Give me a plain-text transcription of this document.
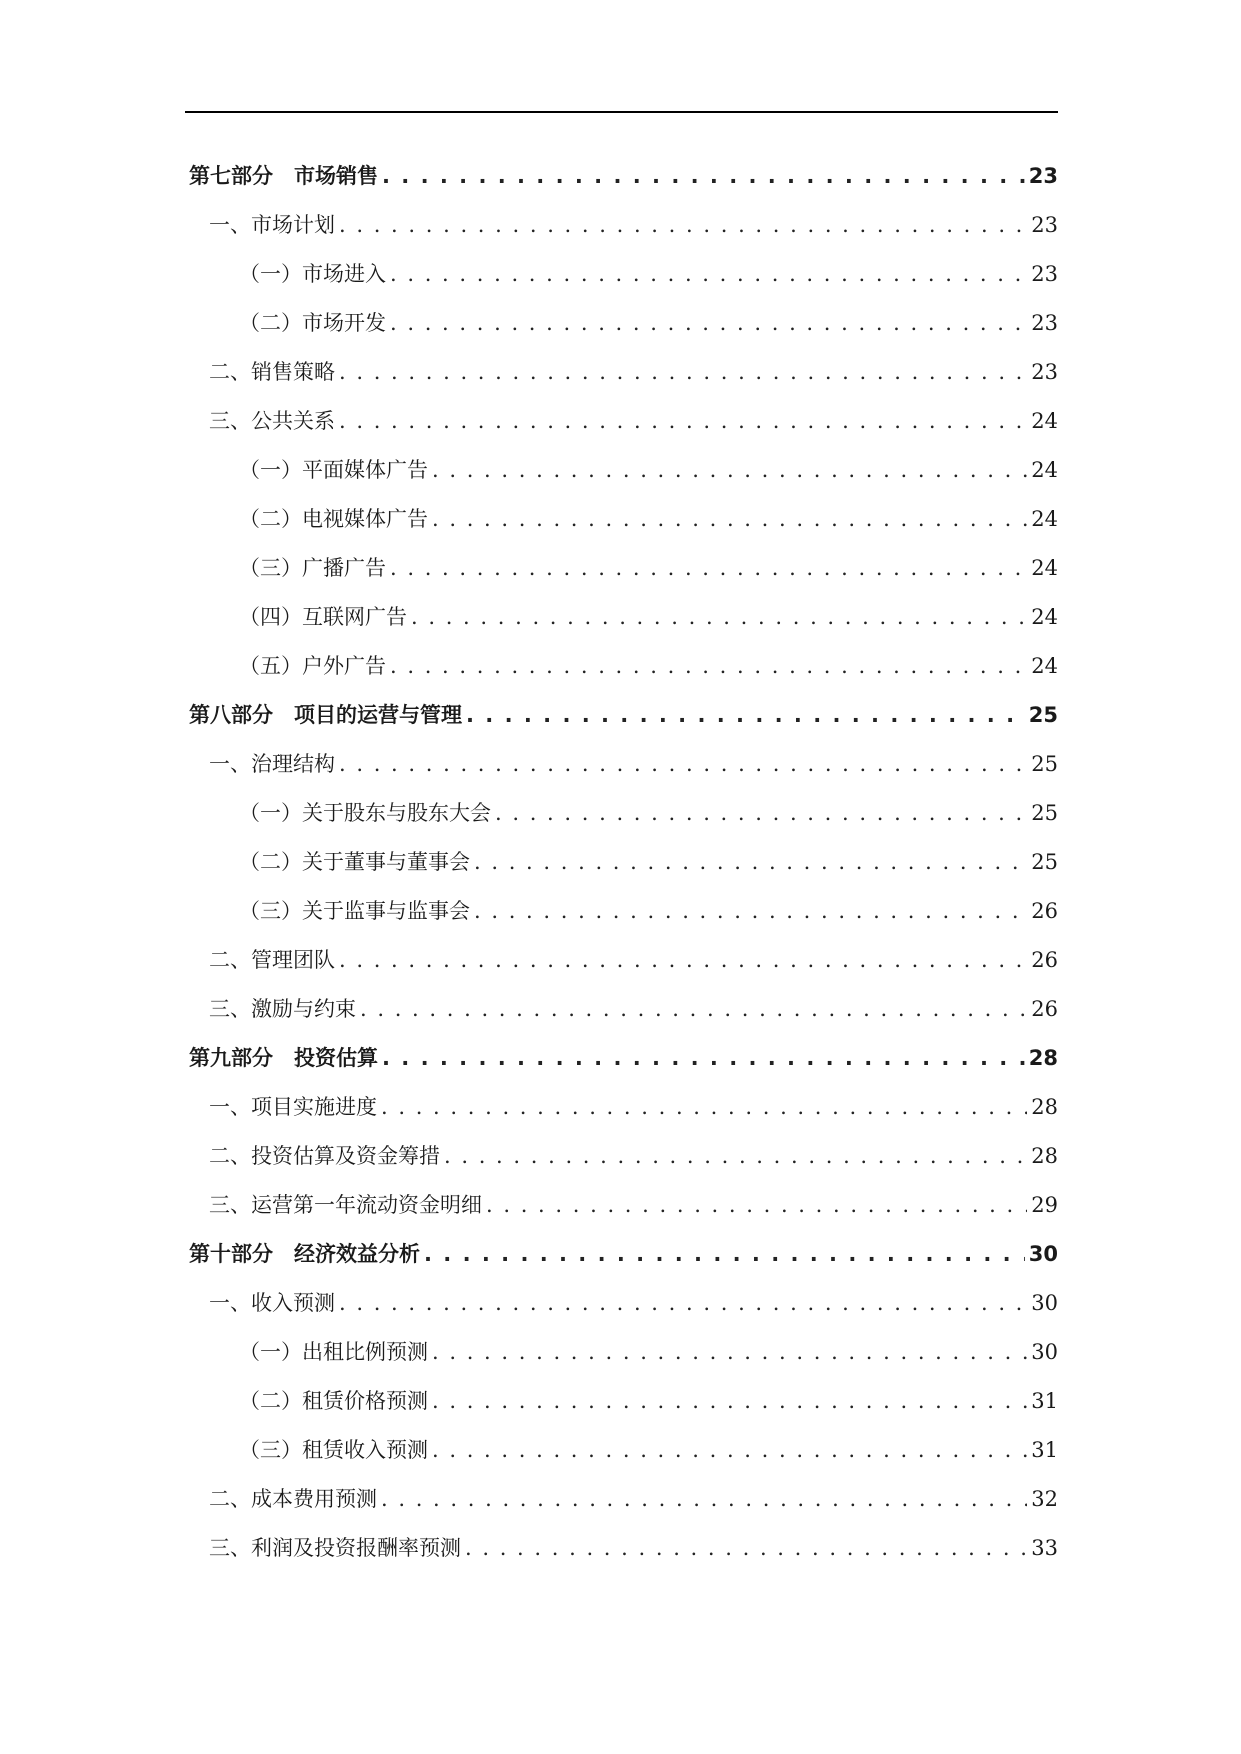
第七部分　市场销售 . . .	23
一、市场计划 . . .	23
（一）市场进入 . . .	23
（二）市场开发 . . .	23
二、销售策略 . . .	23
三、公共关系 . . .	24
（一）平面媒体广告 . . .	24
（二）电视媒体广告 . . .	24
（三）广播广告 . . .	24
（四）互联网广告 . . .	24
（五）户外广告 . . .	24
第八部分　项目的运营与管理 . . .	25
一、治理结构 . . .	25
（一）关于股东与股东大会 . . .	25
（二）关于董事与董事会 . . .	25
（三）关于监事与监事会 . . .	26
二、管理团队 . . .	26
三、激励与约束 . . .	26
第九部分　投资估算 . . .	28
一、项目实施进度 . . .	28
二、投资估算及资金筹措 . . .	28
三、运营第一年流动资金明细 . . .	29
第十部分　经济效益分析 . . .	30
一、收入预测 . . .	30
（一）出租比例预测 . . .	30
（二）租赁价格预测 . . .	31
（三）租赁收入预测 . . .	31
二、成本费用预测 . . .	32
三、利润及投资报酬率预测 . . .	33
